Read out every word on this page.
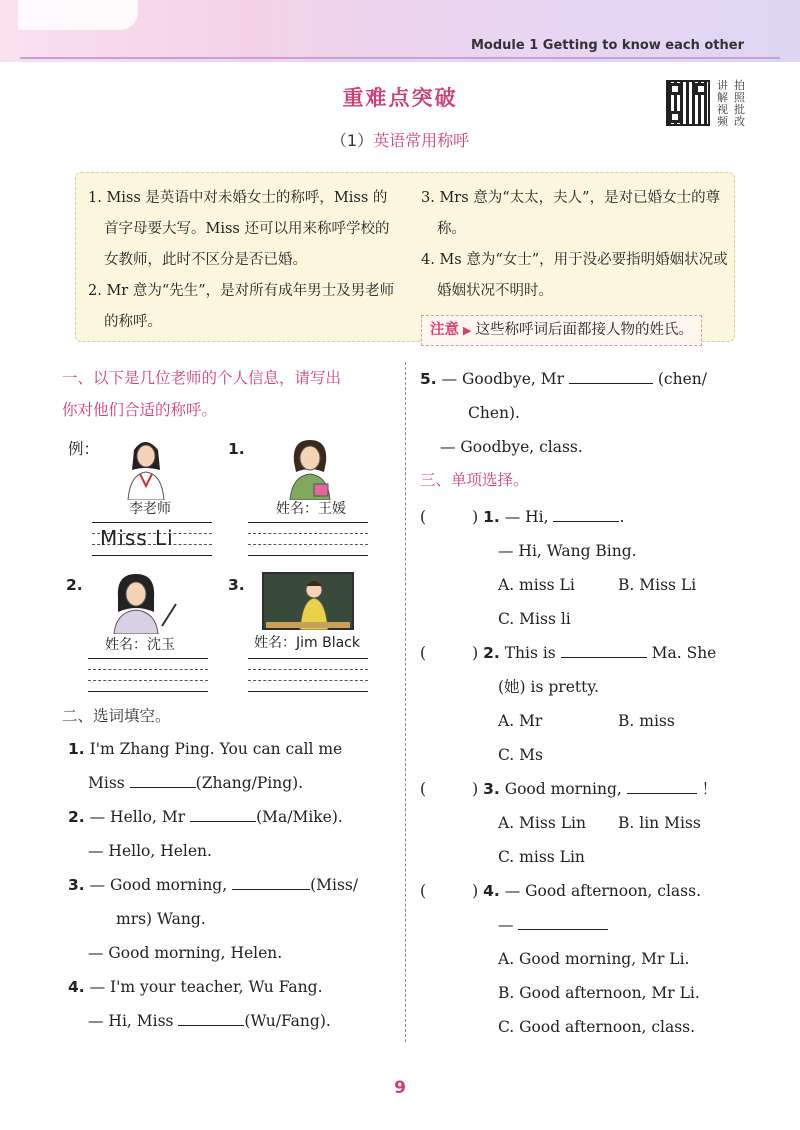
Module 1 Getting to know each other
重难点突破
（1）英语常用称呼
讲 拍
解 照
视 批
频 改
1. Miss 是英语中对未婚女士的称呼，Miss 的首字母要大写。Miss 还可以用来称呼学校的女教师，此时不区分是否已婚。
2. Mr 意为“先生”，是对所有成年男士及男老师的称呼。
3. Mrs 意为“太太，夫人”，是对已婚女士的尊称。
4. Ms 意为“女士”，用于没必要指明婚姻状况或婚姻状况不明时。
注意 ▶ 这些称呼词后面都接人物的姓氏。
一、以下是几位老师的个人信息，请写出
你对他们合适的称呼。
例：
李老师
Miss Li
1.
姓名：王媛
2.
姓名：沈玉
3.
姓名：Jim Black
二、选词填空。
1. I'm Zhang Ping. You can call me
Miss	(Zhang/Ping).
2. — Hello, Mr	(Ma/Mike).
— Hello, Helen.
3. — Good morning,	(Miss/
mrs) Wang.
— Good morning, Helen.
4. — I'm your teacher, Wu Fang.
— Hi, Miss	(Wu/Fang).
5. — Goodbye, Mr	(chen/
Chen).
— Goodbye, class.
三、单项选择。
(	) 1. — Hi,	.
— Hi, Wang Bing.
A. miss Li	B. Miss Li
C. Miss li
(	) 2. This is	Ma. She
(她) is pretty.
A. Mr	B. miss
C. Ms
(	) 3. Good morning,	！
A. Miss Lin B. lin Miss
C. miss Lin
(	) 4. — Good afternoon, class.
—
A. Good morning, Mr Li.
B. Good afternoon, Mr Li.
C. Good afternoon, class.
9
